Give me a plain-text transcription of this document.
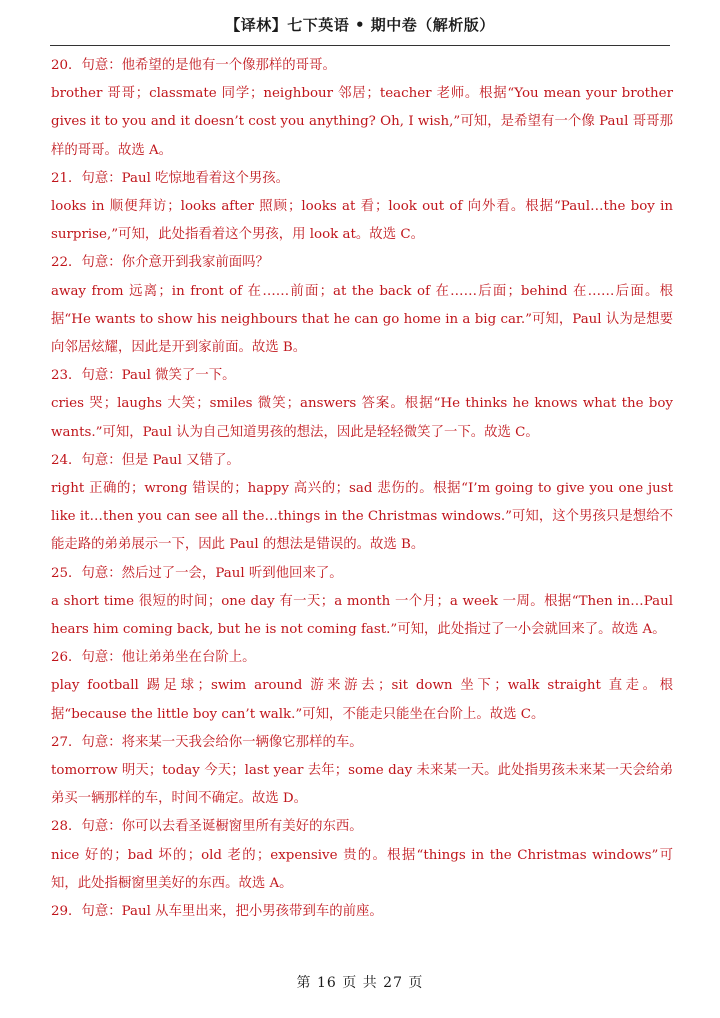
【译林】七下英语 • 期中卷（解析版）

20．句意：他希望的是他有一个像那样的哥哥。

brother 哥哥；classmate 同学；neighbour 邻居；teacher 老师。根据“You mean your brother gives it to you and it doesn’t cost you anything? Oh, I wish,”可知，是希望有一个像 Paul 哥哥那样的哥哥。故选 A。

21．句意：Paul 吃惊地看着这个男孩。

looks in 顺便拜访；looks after 照顾；looks at 看；look out of 向外看。根据“Paul…the boy in surprise,”可知，此处指看着这个男孩，用 look at。故选 C。

22．句意：你介意开到我家前面吗？

away from 远离；in front of 在……前面；at the back of 在……后面；behind 在……后面。根据“He wants to show his neighbours that he can go home in a big car.”可知，Paul 认为是想要向邻居炫耀，因此是开到家前面。故选 B。

23．句意：Paul 微笑了一下。

cries 哭；laughs 大笑；smiles 微笑；answers 答案。根据“He thinks he knows what the boy wants.”可知，Paul 认为自己知道男孩的想法，因此是轻轻微笑了一下。故选 C。

24．句意：但是 Paul 又错了。

right 正确的；wrong 错误的；happy 高兴的；sad 悲伤的。根据“I’m going to give you one just like it…then you can see all the…things in the Christmas windows.”可知，这个男孩只是想给不能走路的弟弟展示一下，因此 Paul 的想法是错误的。故选 B。

25．句意：然后过了一会，Paul 听到他回来了。

a short time 很短的时间；one day 有一天；a month 一个月；a week 一周。根据“Then in…Paul hears him coming back, but he is not coming fast.”可知，此处指过了一小会就回来了。故选 A。

26．句意：他让弟弟坐在台阶上。

play football 踢足球；swim around 游来游去；sit down 坐下；walk straight 直走。根据“because the little boy can’t walk.”可知，不能走只能坐在台阶上。故选 C。

27．句意：将来某一天我会给你一辆像它那样的车。

tomorrow 明天；today 今天；last year 去年；some day 未来某一天。此处指男孩未来某一天会给弟弟买一辆那样的车，时间不确定。故选 D。

28．句意：你可以去看圣诞橱窗里所有美好的东西。

nice 好的；bad 坏的；old 老的；expensive 贵的。根据“things in the Christmas windows”可知，此处指橱窗里美好的东西。故选 A。

29．句意：Paul 从车里出来，把小男孩带到车的前座。

第 16 页 共 27 页
